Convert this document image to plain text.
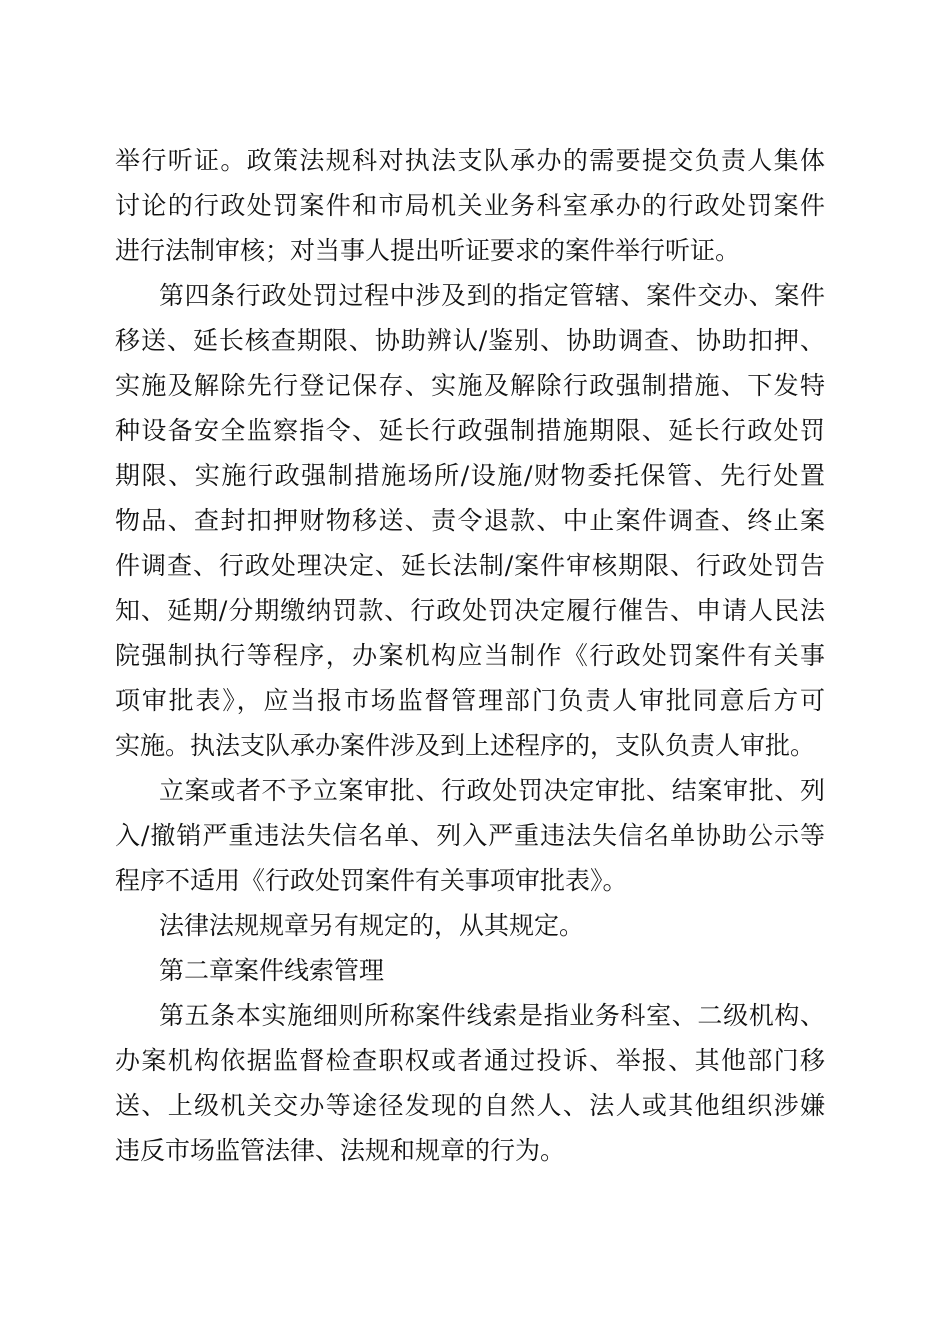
举行听证。政策法规科对执法支队承办的需要提交负责人集体
讨论的行政处罚案件和市局机关业务科室承办的行政处罚案件
进行法制审核；对当事人提出听证要求的案件举行听证。
第四条行政处罚过程中涉及到的指定管辖、案件交办、案件
移送、延长核查期限、协助辨认/鉴别、协助调查、协助扣押、
实施及解除先行登记保存、实施及解除行政强制措施、下发特
种设备安全监察指令、延长行政强制措施期限、延长行政处罚
期限、实施行政强制措施场所/设施/财物委托保管、先行处置
物品、查封扣押财物移送、责令退款、中止案件调查、终止案
件调查、行政处理决定、延长法制/案件审核期限、行政处罚告
知、延期/分期缴纳罚款、行政处罚决定履行催告、申请人民法
院强制执行等程序，办案机构应当制作《行政处罚案件有关事
项审批表》，应当报市场监督管理部门负责人审批同意后方可
实施。执法支队承办案件涉及到上述程序的，支队负责人审批。
立案或者不予立案审批、行政处罚决定审批、结案审批、列
入/撤销严重违法失信名单、列入严重违法失信名单协助公示等
程序不适用《行政处罚案件有关事项审批表》。
法律法规规章另有规定的，从其规定。
第二章案件线索管理
第五条本实施细则所称案件线索是指业务科室、二级机构、
办案机构依据监督检查职权或者通过投诉、举报、其他部门移
送、上级机关交办等途径发现的自然人、法人或其他组织涉嫌
违反市场监管法律、法规和规章的行为。
